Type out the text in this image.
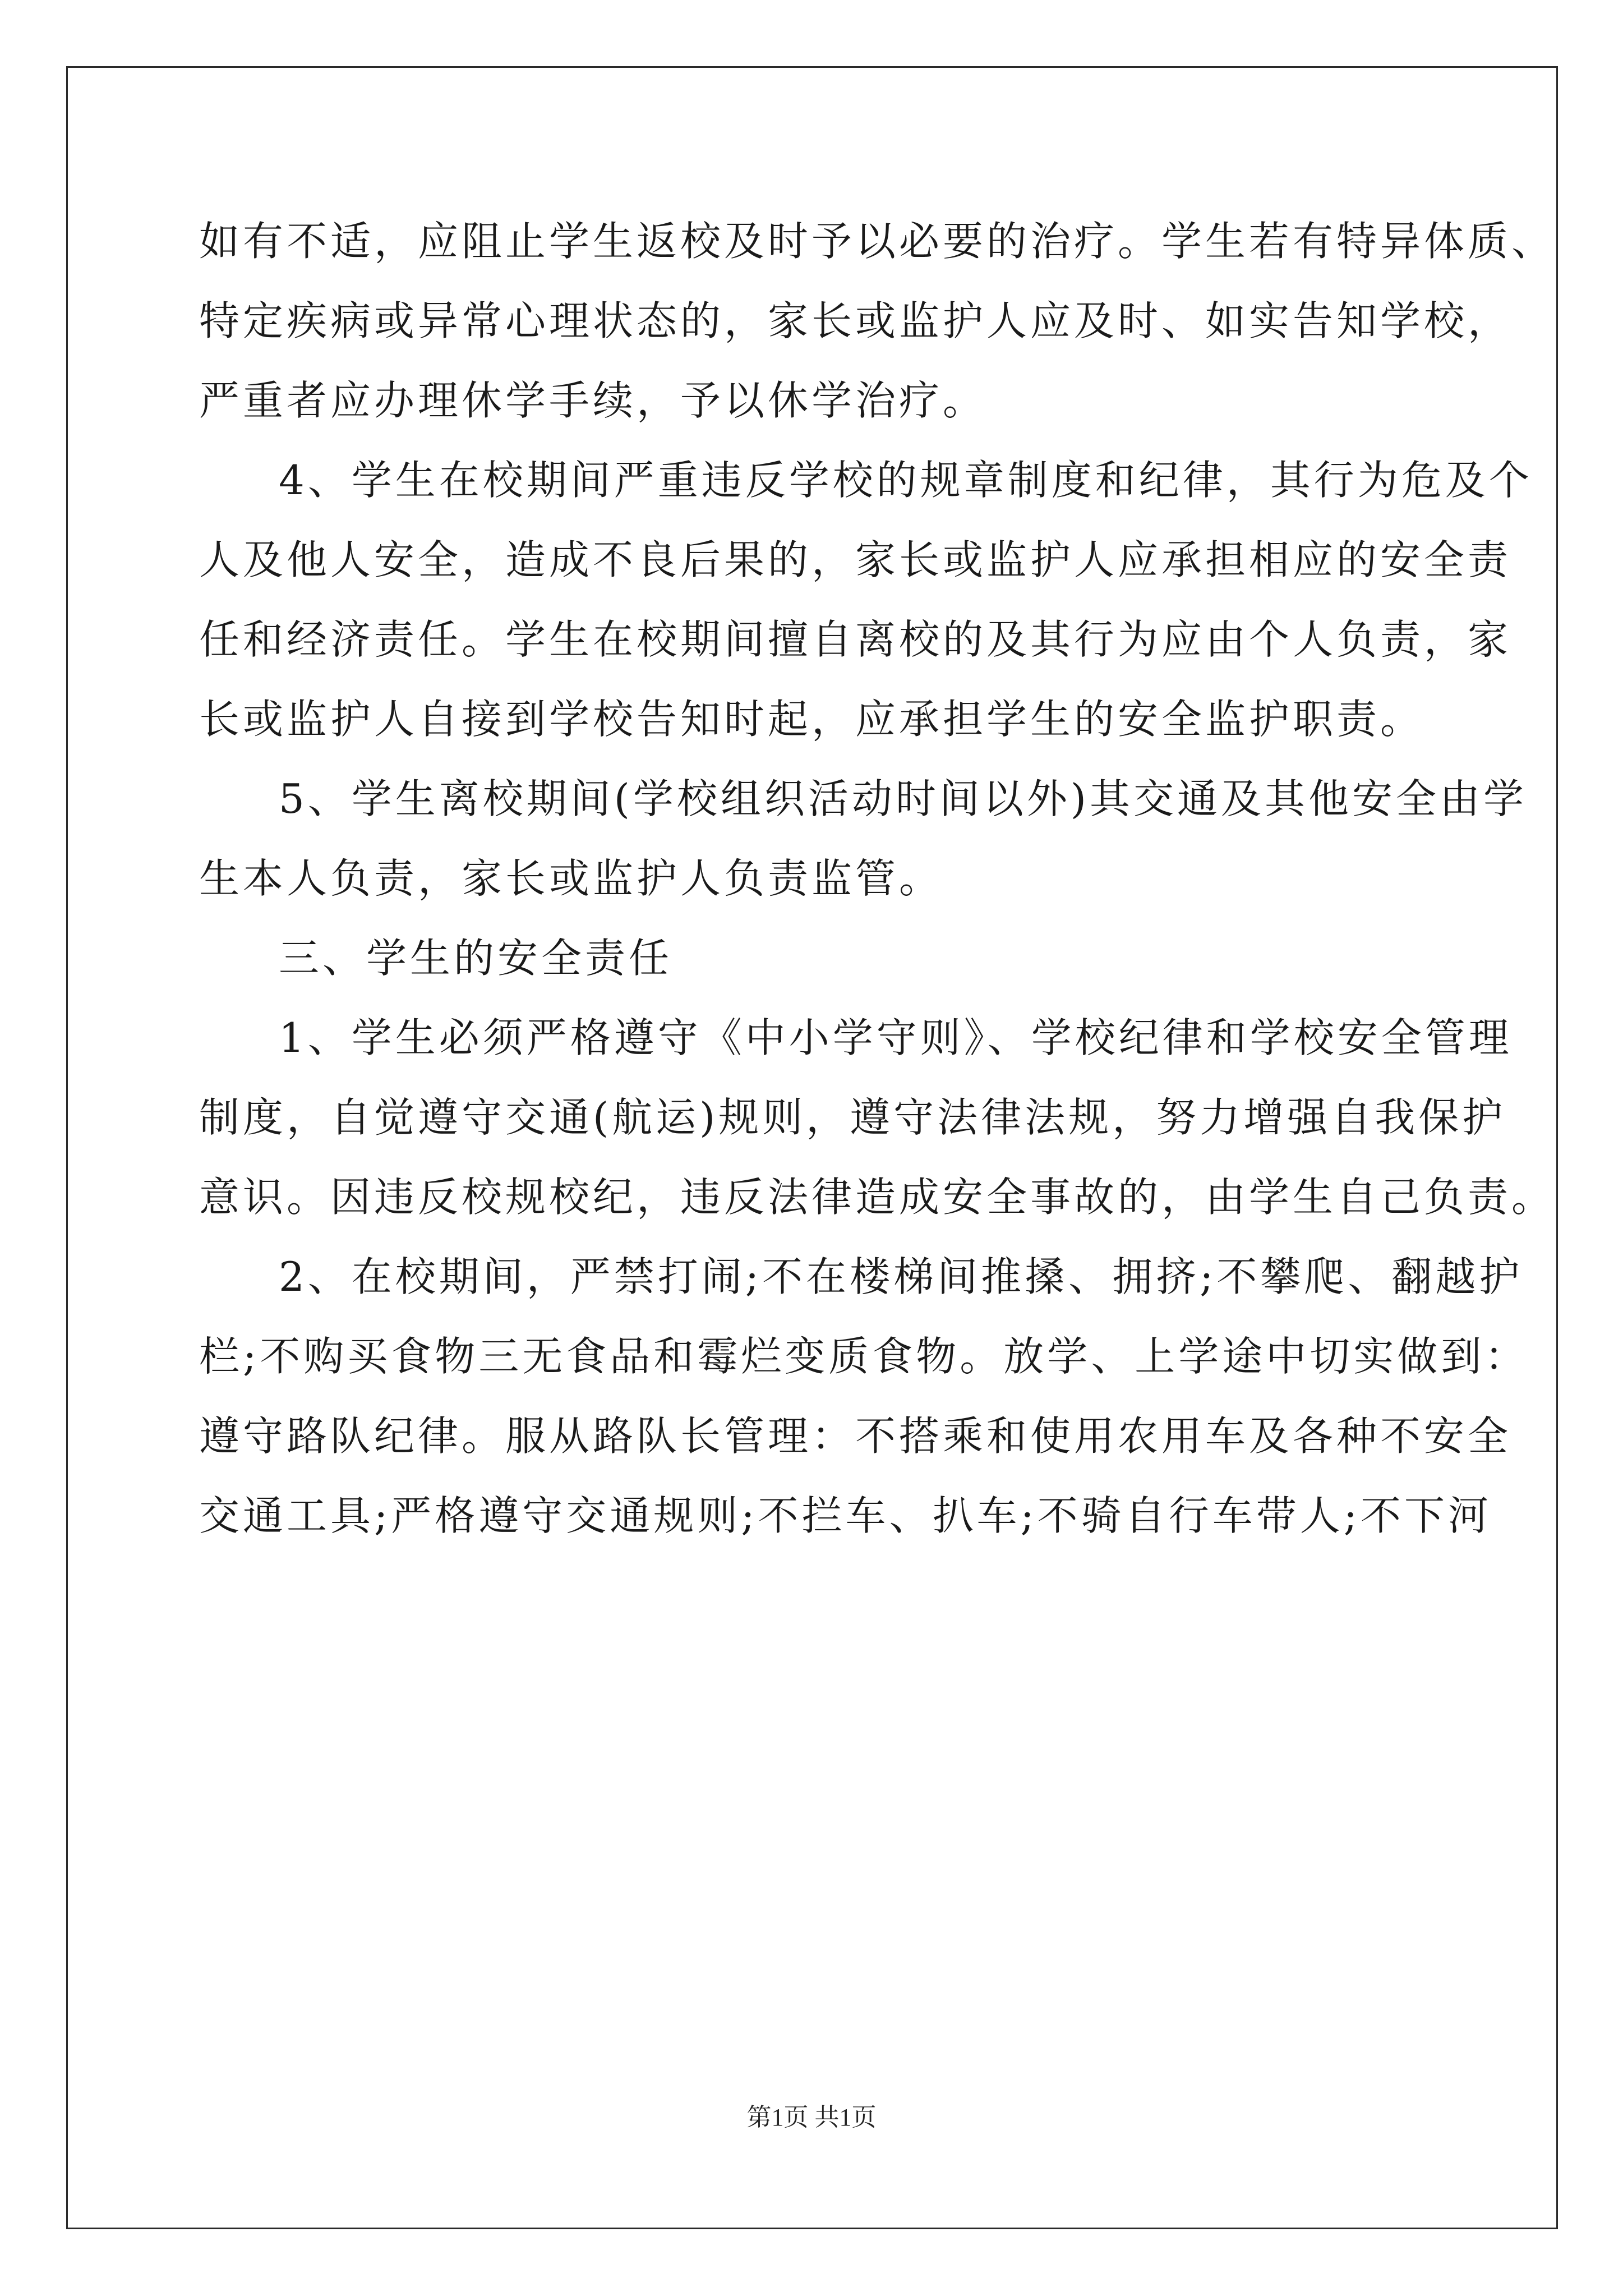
如有不适，应阻止学生返校及时予以必要的治疗。学生若有特异体质、
特定疾病或异常心理状态的，家长或监护人应及时、如实告知学校，
严重者应办理休学手续，予以休学治疗。
4、学生在校期间严重违反学校的规章制度和纪律，其行为危及个
人及他人安全，造成不良后果的，家长或监护人应承担相应的安全责
任和经济责任。学生在校期间擅自离校的及其行为应由个人负责，家
长或监护人自接到学校告知时起，应承担学生的安全监护职责。
5、学生离校期间(学校组织活动时间以外)其交通及其他安全由学
生本人负责，家长或监护人负责监管。
三、学生的安全责任
1、学生必须严格遵守《中小学守则》、学校纪律和学校安全管理
制度，自觉遵守交通(航运)规则，遵守法律法规，努力增强自我保护
意识。因违反校规校纪，违反法律造成安全事故的，由学生自己负责。
2、在校期间，严禁打闹;不在楼梯间推搡、拥挤;不攀爬、翻越护
栏;不购买食物三无食品和霉烂变质食物。放学、上学途中切实做到：
遵守路队纪律。服从路队长管理：不搭乘和使用农用车及各种不安全
交通工具;严格遵守交通规则;不拦车、扒车;不骑自行车带人;不下河
第1页 共1页
